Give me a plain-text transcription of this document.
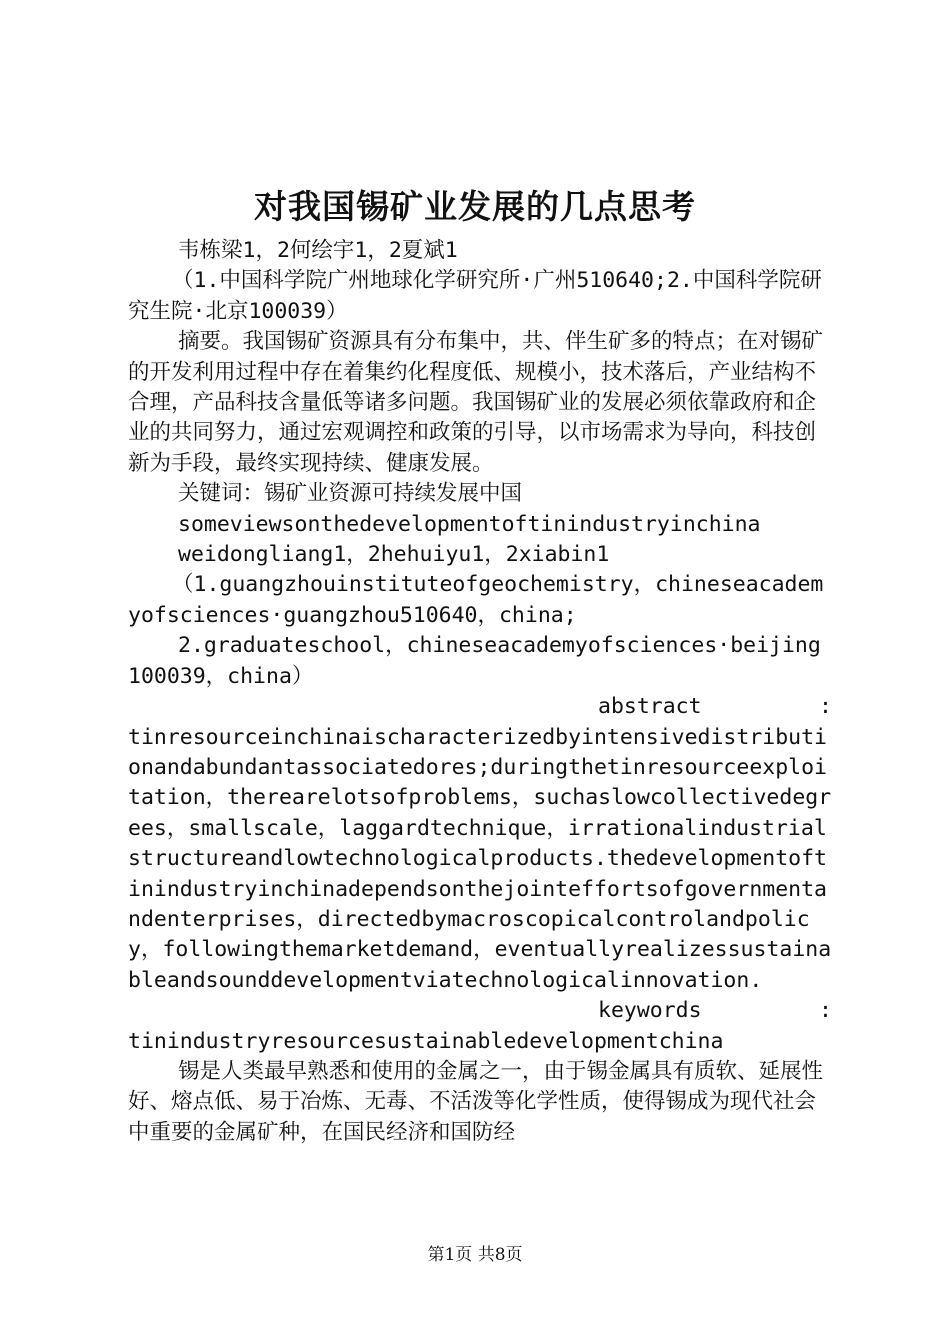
对我国锡矿业发展的几点思考

韦栋梁1，2何绘宇1，2夏斌1

（1.中国科学院广州地球化学研究所·广州510640;2.中国科学院研究生院·北京100039）

摘要。我国锡矿资源具有分布集中，共、伴生矿多的特点；在对锡矿的开发利用过程中存在着集约化程度低、规模小，技术落后，产业结构不合理，产品科技含量低等诸多问题。我国锡矿业的发展必须依靠政府和企业的共同努力，通过宏观调控和政策的引导，以市场需求为导向，科技创新为手段，最终实现持续、健康发展。

关键词：锡矿业资源可持续发展中国

someviewsonthedevelopmentoftinindustryinchina

weidongliang1，2hehuiyu1，2xiabin1

（1.guangzhouinstituteofgeochemistry，chineseacademyofsciences·guangzhou510640，china;

2.graduateschool，chineseacademyofsciences·beijing100039，china）

abstract	:

tinresourceinchinaischaracterizedbyintensivedistributionandabundantassociatedores;duringthetinresourceexploitation，therearelotsofproblems，suchaslowcollectivedegrees，smallscale，laggardtechnique，irrationalindustrialstructureandlowtechnologicalproducts.thedevelopmentoftinindustryinchinadependsonthejointeffortsofgovernmentandenterprises，directedbymacroscopicalcontrolandpolicy，followingthemarketdemand，eventuallyrealizessustainableandsounddevelopmentviatechnologicalinnovation.

keywords	:

tinindustryresourcesustainabledevelopmentchina

锡是人类最早熟悉和使用的金属之一，由于锡金属具有质软、延展性好、熔点低、易于冶炼、无毒、不活泼等化学性质，使得锡成为现代社会中重要的金属矿种，在国民经济和国防经

第1页 共8页
